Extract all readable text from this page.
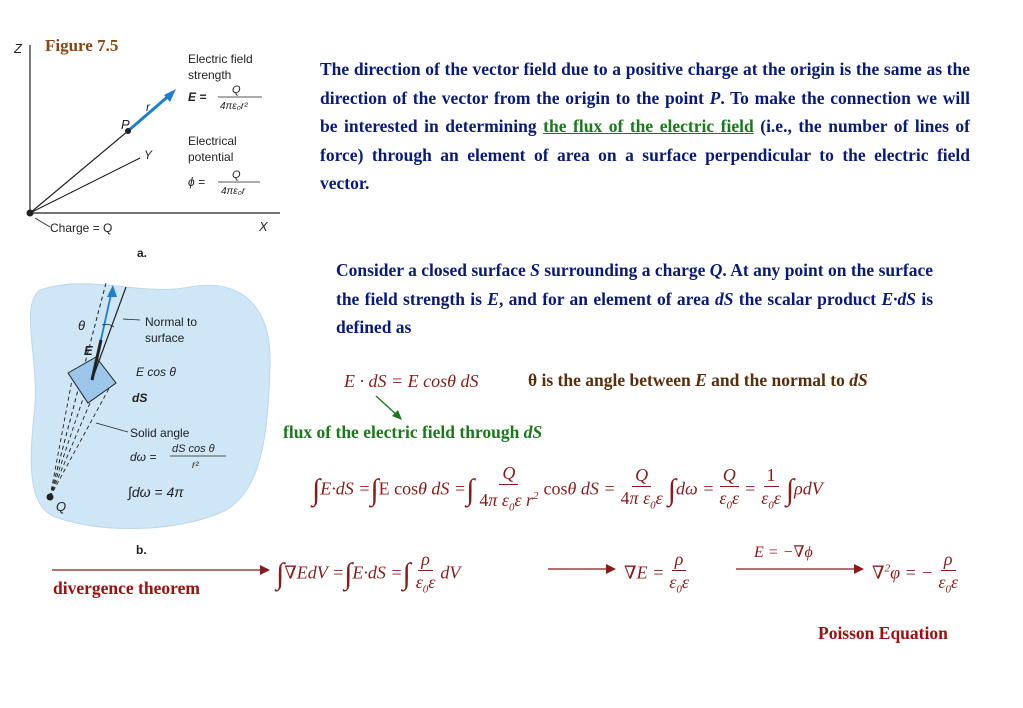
Figure 7.5
Z
X
Y
P
r
Electric field
strength
E = Q
4πε₀r²
Electrical
potential
ϕ = Q
4πε₀r
Charge = Q
a.
θ	Normal to
surface
E
E cos θ
dS
Solid angle
dω =
dS cos θ
r²
∫dω = 4π
Q
b.
The direction of the vector field due to a positive charge at the origin is the same as the direction of the vector from the origin to the point P. To make the connection we will be interested in determining the flux of the electric field (i.e., the number of lines of force) through an element of area on a surface perpendicular to the electric field vector.
Consider a closed surface S surrounding a charge Q. At any point on the surface the field strength is E, and for an element of area dS the scalar product E·dS is defined as
E · dS = E cosθ dS	θ is the angle between E and the normal to dS
flux of the electric field through dS
∫E·dS =∫E cosθ dS =∫ $\frac{Q}{4\pi \varepsilon_0\varepsilon r^2}$ cosθ dS = $\frac{Q}{4\pi \varepsilon_0\varepsilon} \int d\omega = \frac{Q}{\varepsilon_0\varepsilon} = \frac{1}{\varepsilon_0\varepsilon} \int\rho dV$
divergence theorem	∫∇EdV =∫E·dS =∫ $\frac{\rho}{\varepsilon_0\varepsilon}$ dV	$\nabla E = \frac{\rho}{\varepsilon_0\varepsilon}$	E = −∇ϕ
∇$^2$φ = − $\frac{\rho}{\varepsilon_0\varepsilon}$
Poisson Equation
